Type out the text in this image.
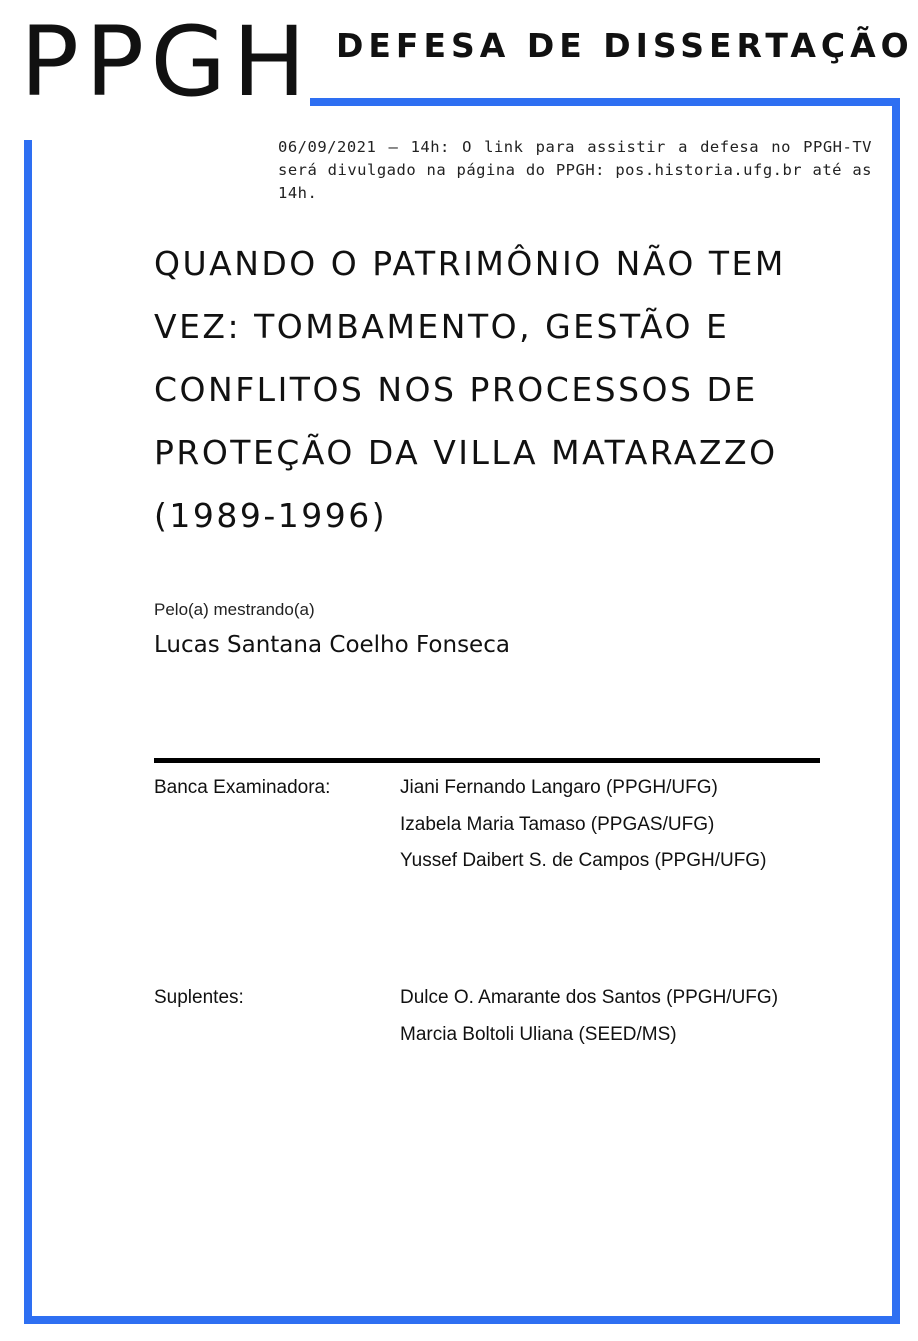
PPGH DEFESA DE DISSERTAÇÃO
06/09/2021 – 14h: O link para assistir a defesa no PPGH-TV será divulgado na página do PPGH: pos.historia.ufg.br até as 14h.
QUANDO O PATRIMÔNIO NÃO TEM VEZ: TOMBAMENTO, GESTÃO E CONFLITOS NOS PROCESSOS DE PROTEÇÃO DA VILLA MATARAZZO (1989-1996)
Pelo(a) mestrando(a)
Lucas Santana Coelho Fonseca
Banca Examinadora:	Jiani Fernando Langaro (PPGH/UFG)
Izabela Maria Tamaso (PPGAS/UFG)
Yussef Daibert S. de Campos (PPGH/UFG)
Suplentes:	Dulce O. Amarante dos Santos (PPGH/UFG)
Marcia Boltoli Uliana (SEED/MS)
